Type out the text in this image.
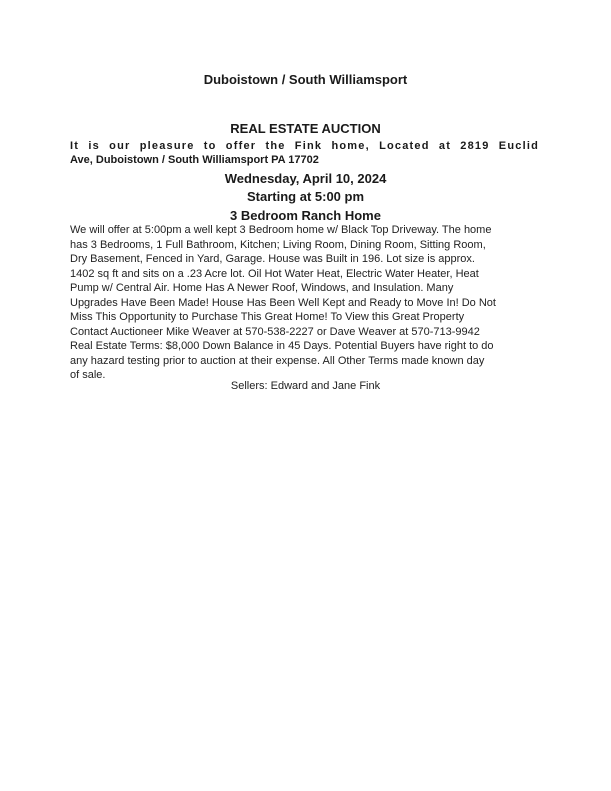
Duboistown / South Williamsport
REAL ESTATE AUCTION
It is our pleasure to offer the Fink home, Located at 2819 Euclid
Ave, Duboistown / South Williamsport PA 17702
Wednesday, April 10, 2024
Starting at 5:00 pm
3 Bedroom Ranch Home
We will offer at 5:00pm a well kept 3 Bedroom home w/ Black Top Driveway. The home
has 3 Bedrooms, 1 Full Bathroom, Kitchen; Living Room, Dining Room, Sitting Room,
Dry Basement, Fenced in Yard, Garage. House was Built in 196. Lot size is approx.
1402 sq ft and sits on a .23 Acre lot. Oil Hot Water Heat, Electric Water Heater, Heat
Pump w/ Central Air. Home Has A Newer Roof, Windows, and Insulation. Many
Upgrades Have Been Made! House Has Been Well Kept and Ready to Move In! Do Not
Miss This Opportunity to Purchase This Great Home! To View this Great Property
Contact Auctioneer Mike Weaver at 570-538-2227 or Dave Weaver at 570-713-9942
Real Estate Terms: $8,000 Down Balance in 45 Days. Potential Buyers have right to do
any hazard testing prior to auction at their expense. All Other Terms made known day
of sale.
Sellers: Edward and Jane Fink
